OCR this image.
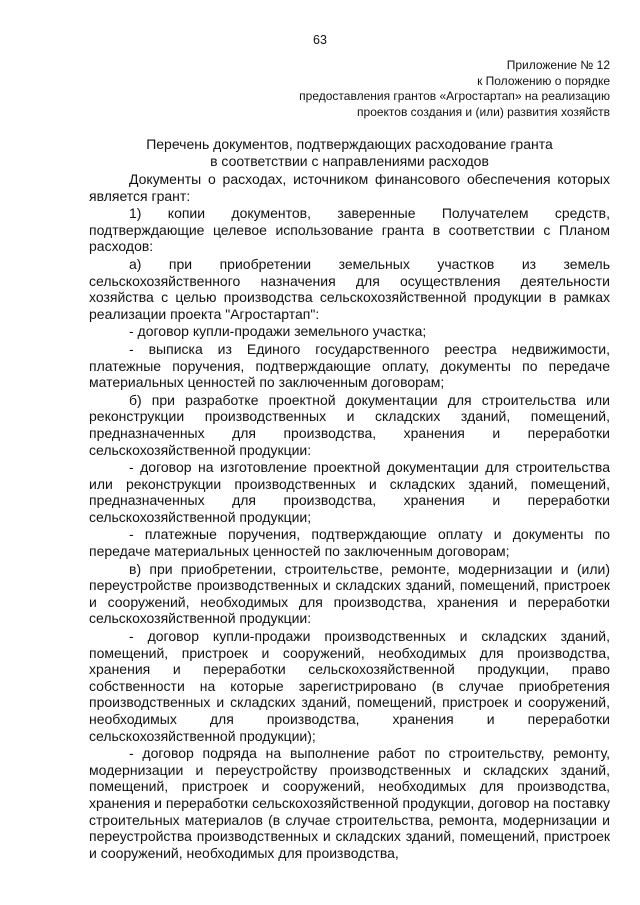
63
Приложение № 12
к Положению о порядке
предоставления грантов «Агростартап» на реализацию
проектов создания и (или) развития хозяйств
Перечень документов, подтверждающих расходование гранта
в соответствии с направлениями расходов

Документы о расходах, источником финансового обеспечения которых является грант:

1) копии документов, заверенные Получателем средств, подтверждающие целевое использование гранта в соответствии с Планом расходов:

а) при приобретении земельных участков из земель сельскохозяйственного назначения для осуществления деятельности хозяйства с целью производства сельскохозяйственной продукции в рамках реализации проекта "Агростартап":

- договор купли-продажи земельного участка;

- выписка из Единого государственного реестра недвижимости, платежные поручения, подтверждающие оплату, документы по передаче материальных ценностей по заключенным договорам;

б) при разработке проектной документации для строительства или реконструкции производственных и складских зданий, помещений, предназначенных для производства, хранения и переработки сельскохозяйственной продукции:

- договор на изготовление проектной документации для строительства или реконструкции производственных и складских зданий, помещений, предназначенных для производства, хранения и переработки сельскохозяйственной продукции;

- платежные поручения, подтверждающие оплату и документы по передаче материальных ценностей по заключенным договорам;

в) при приобретении, строительстве, ремонте, модернизации и (или) переустройстве производственных и складских зданий, помещений, пристроек и сооружений, необходимых для производства, хранения и переработки сельскохозяйственной продукции:

- договор купли-продажи производственных и складских зданий, помещений, пристроек и сооружений, необходимых для производства, хранения и переработки сельскохозяйственной продукции, право собственности на которые зарегистрировано (в случае приобретения производственных и складских зданий, помещений, пристроек и сооружений, необходимых для производства, хранения и переработки сельскохозяйственной продукции);

- договор подряда на выполнение работ по строительству, ремонту, модернизации и переустройству производственных и складских зданий, помещений, пристроек и сооружений, необходимых для производства, хранения и переработки сельскохозяйственной продукции, договор на поставку строительных материалов (в случае строительства, ремонта, модернизации и переустройства производственных и складских зданий, помещений, пристроек и сооружений, необходимых для производства,
